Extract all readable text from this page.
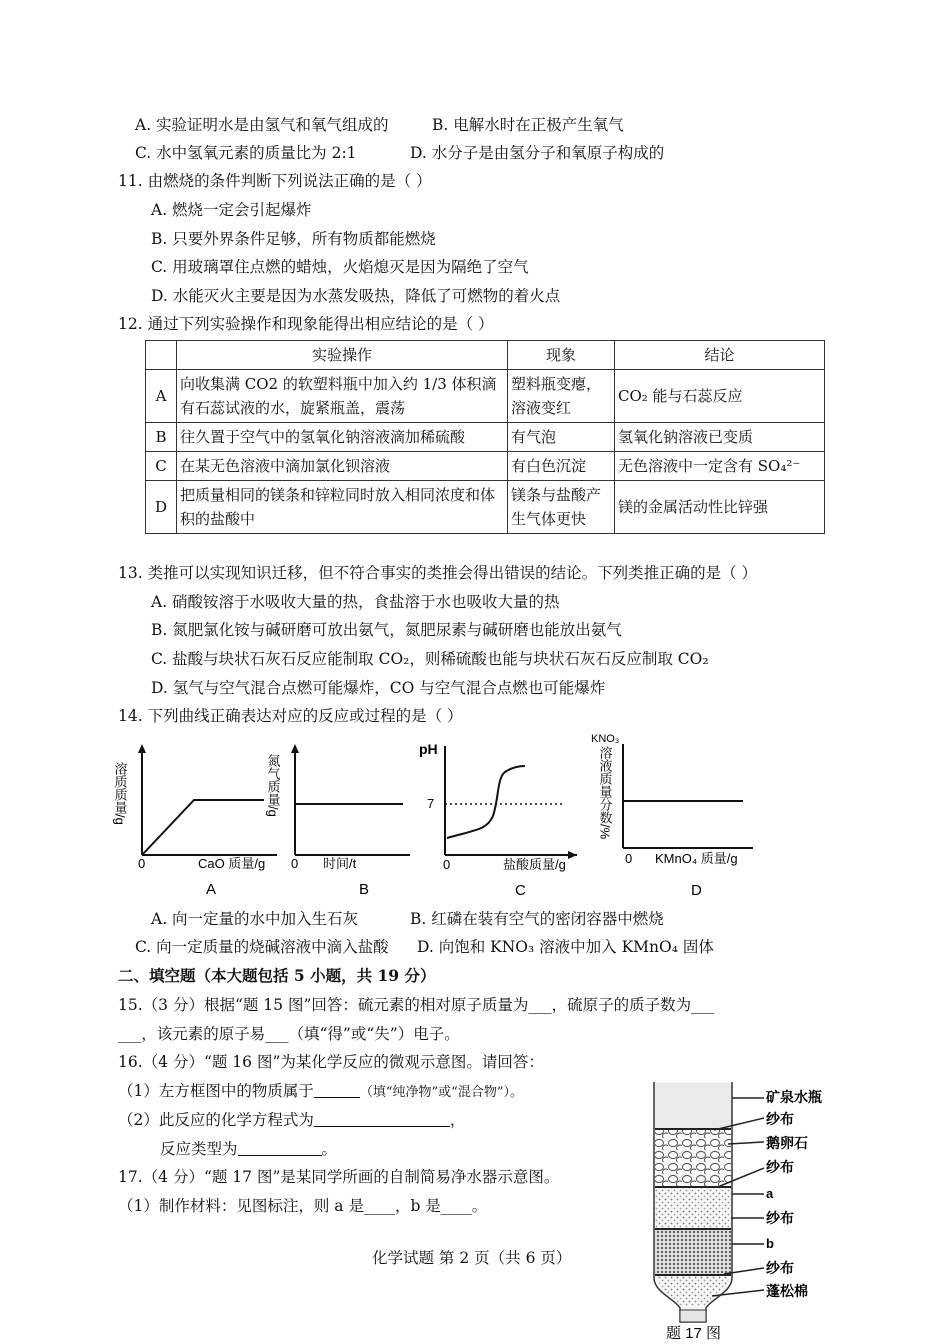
A. 实验证明水是由氢气和氧气组成的	B. 电解水时在正极产生氧气
C. 水中氢氧元素的质量比为 2:1	D. 水分子是由氢分子和氧原子构成的
11. 由燃烧的条件判断下列说法正确的是（ ）
A. 燃烧一定会引起爆炸
B. 只要外界条件足够，所有物质都能燃烧
C. 用玻璃罩住点燃的蜡烛，火焰熄灭是因为隔绝了空气
D. 水能灭火主要是因为水蒸发吸热，降低了可燃物的着火点
12. 通过下列实验操作和现象能得出相应结论的是（ ）
	实验操作	现象	结论
A	向收集满 CO2 的软塑料瓶中加入约 1/3 体积滴有石蕊试液的水，旋紧瓶盖，震荡	塑料瓶变瘪，溶液变红	CO₂ 能与石蕊反应
B	往久置于空气中的氢氧化钠溶液滴加稀硫酸	有气泡	氢氧化钠溶液已变质
C	在某无色溶液中滴加氯化钡溶液	有白色沉淀	无色溶液中一定含有 SO₄²⁻
D	把质量相同的镁条和锌粒同时放入相同浓度和体积的盐酸中	镁条与盐酸产生气体更快	镁的金属活动性比锌强
13. 类推可以实现知识迁移，但不符合事实的类推会得出错误的结论。下列类推正确的是（ ）
A. 硝酸铵溶于水吸收大量的热，食盐溶于水也吸收大量的热
B. 氮肥氯化铵与碱研磨可放出氨气，氮肥尿素与碱研磨也能放出氨气
C. 盐酸与块状石灰石反应能制取 CO₂，则稀硫酸也能与块状石灰石反应制取 CO₂
D. 氢气与空气混合点燃可能爆炸，CO 与空气混合点燃也可能爆炸
14. 下列曲线正确表达对应的反应或过程的是（ ）
溶质质量/g
0	CaO 质量/g
A
氮气质量/g
0 时间/t
B
pH
7
0	盐酸质量/g
C
KNO₃
溶液质量分数/%
0 KMnO₄ 质量/g
D
A. 向一定量的水中加入生石灰	B. 红磷在装有空气的密闭容器中燃烧
C. 向一定质量的烧碱溶液中滴入盐酸 D. 向饱和 KNO₃ 溶液中加入 KMnO₄ 固体
二、填空题（本大题包括 5 小题，共 19 分）
15.（3 分）根据“题 15 图”回答：硫元素的相对原子质量为___，硫原子的质子数为___
___，该元素的原子易___（填“得”或“失”）电子。
16.（4 分）“题 16 图”为某化学反应的微观示意图。请回答：
（1）左方框图中的物质属于	（填“纯净物”或“混合物”）。
（2）此反应的化学方程式为	，
反应类型为	。
17.（4 分）“题 17 图”是某同学所画的自制简易净水器示意图。
（1）制作材料：见图标注，则 a 是____，b 是____。
化学试题 第 2 页（共 6 页）
矿泉水瓶
纱布
鹅卵石
纱布
a
纱布
b
纱布
蓬松棉
题 17 图
